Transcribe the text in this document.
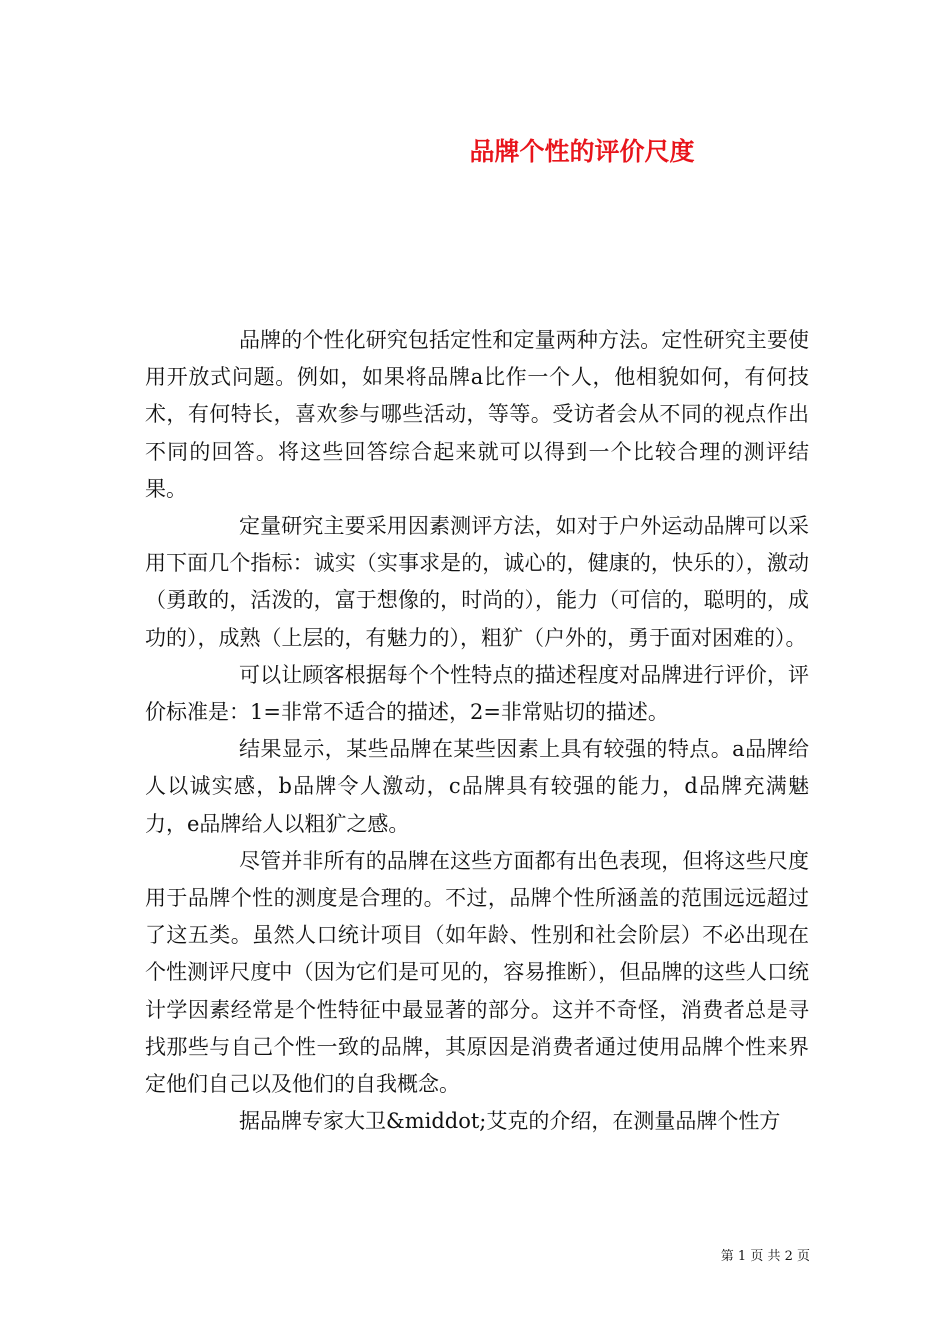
品牌个性的评价尺度

品牌的个性化研究包括定性和定量两种方法。定性研究主要使用开放式问题。例如，如果将品牌a比作一个人，他相貌如何，有何技术，有何特长，喜欢参与哪些活动，等等。受访者会从不同的视点作出不同的回答。将这些回答综合起来就可以得到一个比较合理的测评结果。

定量研究主要采用因素测评方法，如对于户外运动品牌可以采用下面几个指标：诚实（实事求是的，诚心的，健康的，快乐的），激动（勇敢的，活泼的，富于想像的，时尚的），能力（可信的，聪明的，成功的），成熟（上层的，有魅力的），粗犷（户外的，勇于面对困难的）。

可以让顾客根据每个个性特点的描述程度对品牌进行评价，评价标准是：1=非常不适合的描述，2=非常贴切的描述。

结果显示，某些品牌在某些因素上具有较强的特点。a品牌给人以诚实感，b品牌令人激动，c品牌具有较强的能力，d品牌充满魅力，e品牌给人以粗犷之感。

尽管并非所有的品牌在这些方面都有出色表现，但将这些尺度用于品牌个性的测度是合理的。不过，品牌个性所涵盖的范围远远超过了这五类。虽然人口统计项目（如年龄、性别和社会阶层）不必出现在个性测评尺度中（因为它们是可见的，容易推断），但品牌的这些人口统计学因素经常是个性特征中最显著的部分。这并不奇怪，消费者总是寻找那些与自己个性一致的品牌，其原因是消费者通过使用品牌个性来界定他们自己以及他们的自我概念。

据品牌专家大卫&middot;艾克的介绍，在测量品牌个性方

第 1 页 共 2 页
